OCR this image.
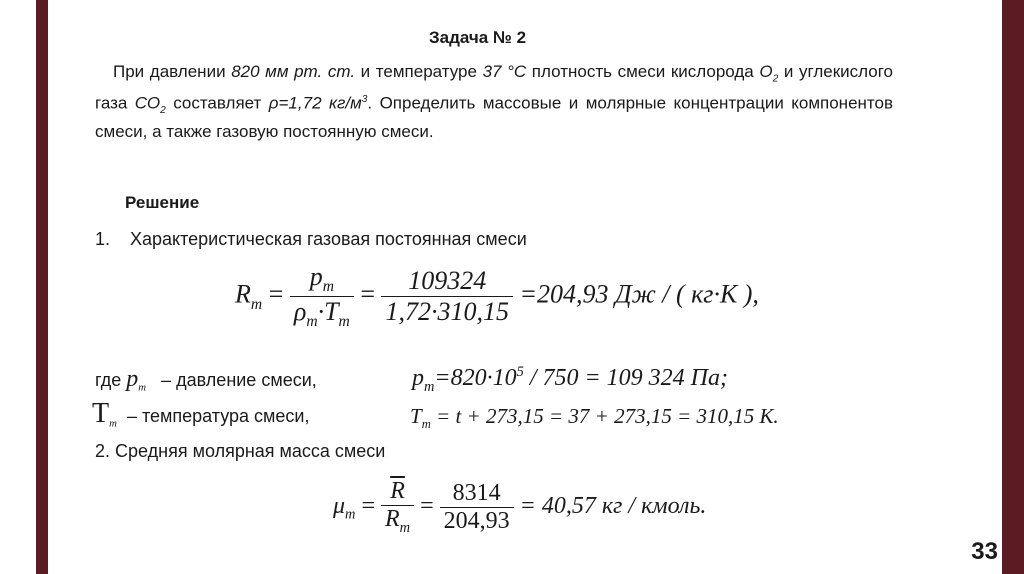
33
Задача № 2
При давлении 820 мм рт. ст. и температуре 37 °С плотность смеси кислорода $О_2$ и углекислого газа $СО_2$ составляет ρ=1,72 $кг/м^3$. Определить массовые и молярные концентрации компонентов смеси, а также газовую постоянную смеси.
Решение
1. Характеристическая газовая постоянная смеси
$R_m = \frac{p_m}{\rho_m\cdot T_m} = \frac{109324}{1,72\cdot 310,15} =204,93$ Дж / ( кг·К ),
где $p_m$ – давление смеси,
$T_m$ – температура смеси,
$p_m=820\cdot 10^5 / 750 = 109$ 324 Па;
$T_m = t + 273,15 = 37 + 273,15 = 310,15$ К.
2. Средняя молярная масса смеси
$\mu_m = \frac{\overline{R}}{R_m} = \frac{8314}{204,93} = 40,57$ кг / кмоль.
